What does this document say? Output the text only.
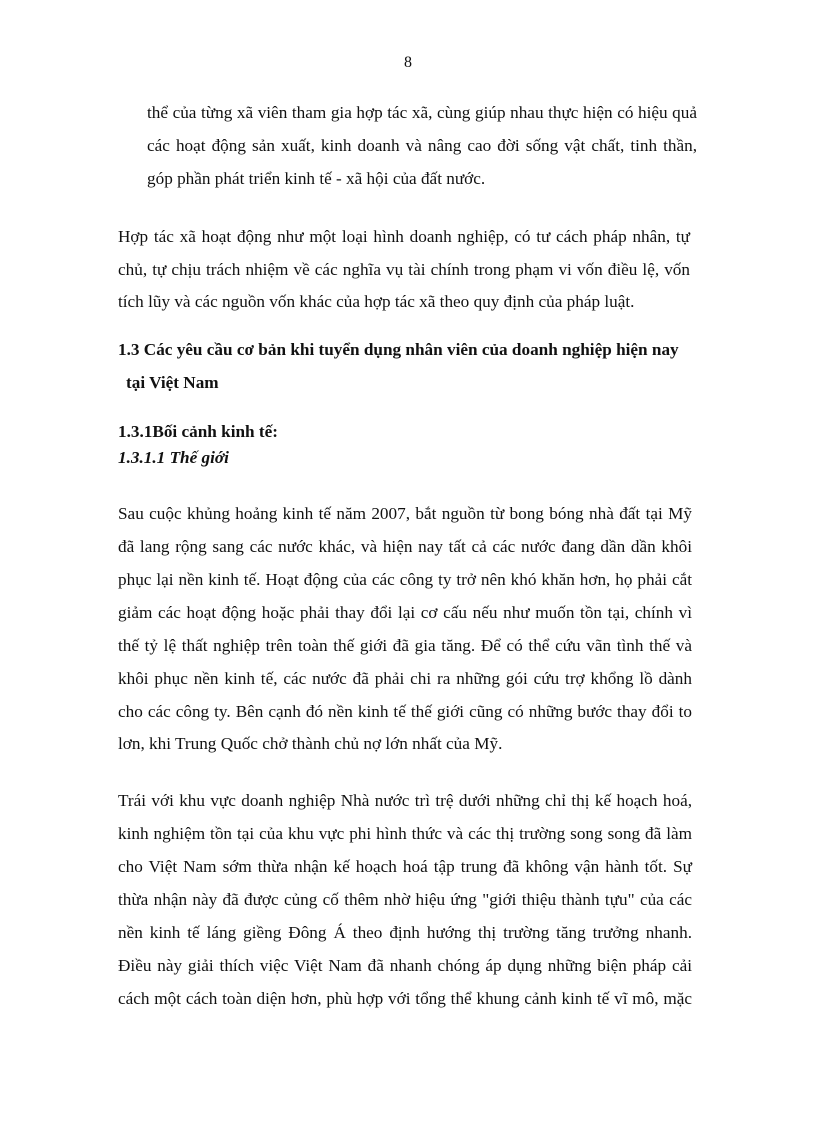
8
thể của từng xã viên tham gia hợp tác xã, cùng giúp nhau thực hiện có hiệu quả
các hoạt động sản xuất, kinh doanh và nâng cao đời sống vật chất, tinh thần,
góp phần phát triển kinh tế - xã hội của đất nước.
Hợp tác xã hoạt động như một loại hình doanh nghiệp, có tư cách pháp nhân, tự
chủ, tự chịu trách nhiệm về các nghĩa vụ tài chính trong phạm vi vốn điều lệ, vốn
tích lũy và các nguồn vốn khác của hợp tác xã theo quy định của pháp luật.
1.3 Các yêu cầu cơ bản khi tuyển dụng nhân viên của doanh nghiệp hiện nay
tại Việt Nam
1.3.1Bối cảnh kinh tế:
1.3.1.1 Thế giới
Sau cuộc khủng hoảng kinh tế năm 2007, bắt nguồn từ bong bóng nhà đất tại Mỹ
đã lang rộng sang các nước khác, và hiện nay tất cả các nước đang dần dần khôi
phục lại nền kinh tế. Hoạt động của các công ty trở nên khó khăn hơn, họ phải cắt
giảm các hoạt động hoặc phải thay đổi lại cơ cấu nếu như muốn tồn tại, chính vì
thế tỷ lệ thất nghiệp trên toàn thế giới đã gia tăng. Để có thể cứu vãn tình thế và
khôi phục nền kinh tế, các nước đã phải chi ra những gói cứu trợ khổng lồ dành
cho các công ty. Bên cạnh đó nền kinh tế thế giới cũng có những bước thay đổi to
lơn, khi Trung Quốc chở thành chủ nợ lớn nhất của Mỹ.
Trái với khu vực doanh nghiệp Nhà nước trì trệ dưới những chỉ thị kế hoạch hoá,
kinh nghiệm tồn tại của khu vực phi hình thức và các thị trường song song đã làm
cho Việt Nam sớm thừa nhận kế hoạch hoá tập trung đã không vận hành tốt. Sự
thừa nhận này đã được củng cố thêm nhờ hiệu ứng "giới thiệu thành tựu" của các
nền kinh tế láng giềng Đông Á theo định hướng thị trường tăng trưởng nhanh.
Điều này giải thích việc Việt Nam đã nhanh chóng áp dụng những biện pháp cải
cách một cách toàn diện hơn, phù hợp với tổng thể khung cảnh kinh tế vĩ mô, mặc
